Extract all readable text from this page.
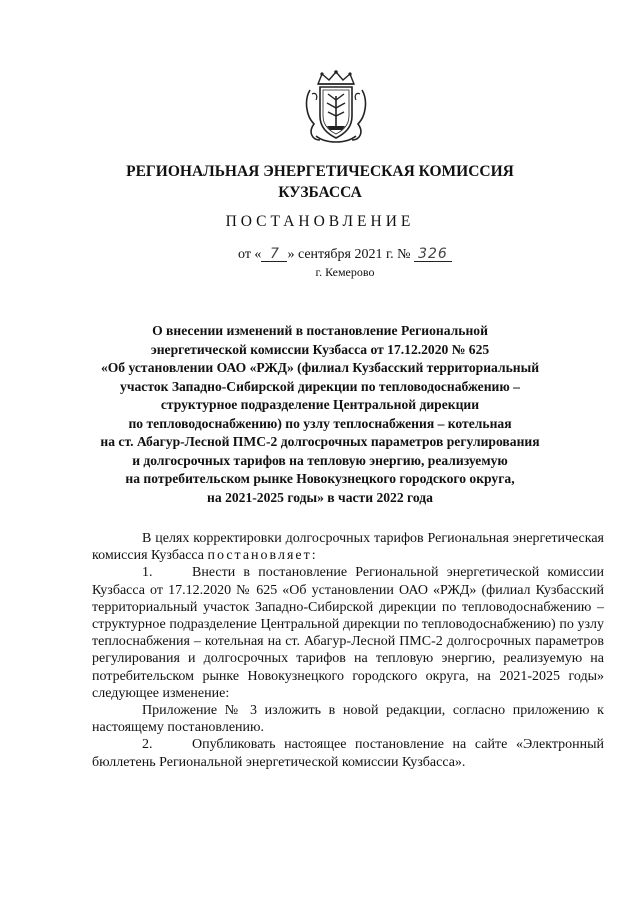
РЕГИОНАЛЬНАЯ ЭНЕРГЕТИЧЕСКАЯ КОМИССИЯ
КУЗБАССА
ПОСТАНОВЛЕНИЕ
от « 7 » сентября 2021 г. № 326
г. Кемерово
О внесении изменений в постановление Региональной
энергетической комиссии Кузбасса от 17.12.2020 № 625
«Об установлении ОАО «РЖД» (филиал Кузбасский территориальный
участок Западно-Сибирской дирекции по тепловодоснабжению –
структурное подразделение Центральной дирекции
по тепловодоснабжению) по узлу теплоснабжения – котельная
на ст. Абагур-Лесной ПМС-2 долгосрочных параметров регулирования
и долгосрочных тарифов на тепловую энергию, реализуемую
на потребительском рынке Новокузнецкого городского округа,
на 2021-2025 годы» в части 2022 года

В целях корректировки долгосрочных тарифов Региональная энергетическая комиссия Кузбасса постановляет:

1.	Внести в постановление Региональной энергетической комиссии Кузбасса от 17.12.2020 № 625 «Об установлении ОАО «РЖД» (филиал Кузбасский территориальный участок Западно-Сибирской дирекции по тепловодоснабжению – структурное подразделение Центральной дирекции по тепловодоснабжению) по узлу теплоснабжения – котельная на ст. Абагур-Лесной ПМС-2 долгосрочных параметров регулирования и долгосрочных тарифов на тепловую энергию, реализуемую на потребительском рынке Новокузнецкого городского округа, на 2021-2025 годы» следующее изменение:

Приложение № 3 изложить в новой редакции, согласно приложению к настоящему постановлению.

2.	Опубликовать настоящее постановление на сайте «Электронный бюллетень Региональной энергетической комиссии Кузбасса».
